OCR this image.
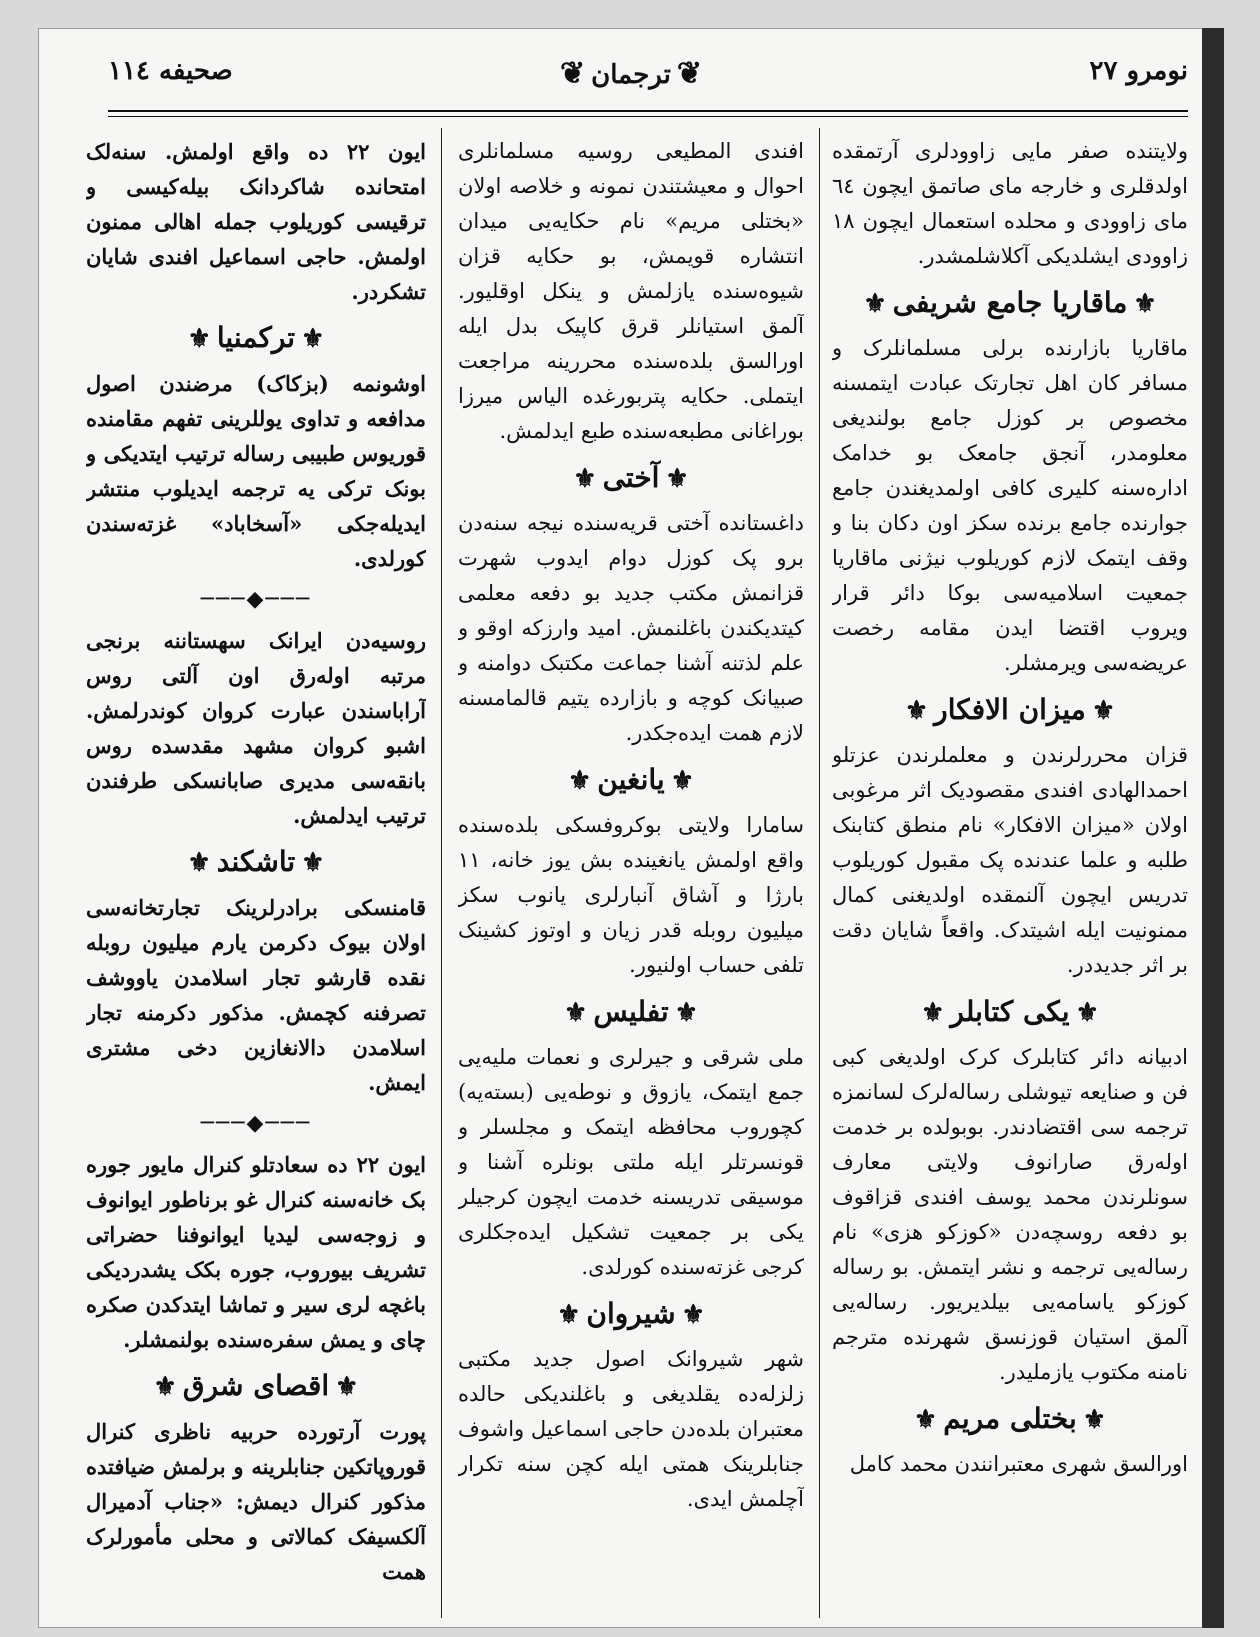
نومرو ٢٧
❦ترجمان❦
صحیفه ١١٤

ولایتنده صفر مایی زاوودلری آرتمقده اولدقلری و خارجه مای صاتمق ایچون ٦٤ مای زاوودی و محلده استعمال ایچون ١٨ زاوودی ایشلدیکی آکلاشلمشدر.

⚜ماقاریا جامع شریفی⚜

ماقاریا بازارنده برلی مسلمانلرک و مسافر کان اهل تجارتک عبادت ایتمسنه مخصوص بر کوزل جامع بولندیغی معلومدر، آنجق جامعک بو خدامک ادارەسنه کلیری کافی اولمدیغندن جامع جوارنده جامع برنده سکز اون دکان بنا و وقف ایتمک لازم کوریلوب نیژنی ماقاریا جمعیت اسلامیەسی بوکا دائر قرار ویروب اقتضا ایدن مقامه رخصت عریضەسی ویرمشلر.

⚜میزان الافکار⚜

قزان محررلرندن و معلملرندن عزتلو احمدالهادی افندی مقصودیک اثر مرغوبی اولان «میزان الافکار» نام منطق کتابنک طلبه و علما عندنده پک مقبول کوریلوب تدریس ایچون آلنمقده اولدیغنی کمال ممنونیت ایله اشیتدک. واقعاً شایان دقت بر اثر جدیددر.

⚜یکی کتابلر⚜

ادبیانه دائر کتابلرک کرک اولدیغی کبی فن و صنایعه تیوشلی رسالەلرک لسانمزه ترجمه سی اقتضادندر. بوبولده بر خدمت اولەرق صارانوف ولایتی معارف سونلرندن محمد یوسف افندی قزاقوف بو دفعه روسچەدن «کوزکو هزی» نام رسالەیی ترجمه و نشر ایتمش. بو رساله کوزکو یاسامەیی بیلدیریور. رسالەیی آلمق استیان قوزنسق شهرنده مترجم نامنه مکتوب یازملیدر.

⚜بختلی مریم⚜

اورالسق شهری معتبرانندن محمد کامل

افندی المطیعی روسیه مسلمانلری احوال و معیشتندن نمونه و خلاصه اولان «بختلی مریم» نام حکایەیی میدان انتشاره قویمش، بو حکایه قزان شیوەسنده یازلمش و ینکل اوقلیور. آلمق استیانلر قرق کاپیک بدل ایله اورالسق بلدەسنده محررینه مراجعت ایتملی. حکایه پتربورغده الیاس میرزا بوراغانی مطبعەسنده طبع ایدلمش.

⚜آختی⚜

داغستانده آختی قریەسنده نیجه سنەدن برو پک کوزل دوام ایدوب شهرت قزانمش مکتب جدید بو دفعه معلمی کیتدیکندن باغلنمش. امید وارزکه اوقو و علم لذتنه آشنا جماعت مکتبک دوامنه و صبیانک کوچه و بازارده یتیم قالمامسنه لازم همت ایدەجکدر.

⚜یانغین⚜

سامارا ولایتی بوکروفسکی بلدەسنده واقع اولمش یانغینده بش یوز خانه، ١١ بارژا و آشاق آنبارلری یانوب سکز میلیون روبله قدر زیان و اوتوز کشینک تلفی حساب اولنیور.

⚜تفلیس⚜

ملی شرقی و جیرلری و نعمات ملیەیی جمع ایتمک، یازوق و نوطەیی (بستەیه) کچوروب محافظه ایتمک و مجلسلر و قونسرتلر ایله ملتی بونلره آشنا و موسیقی تدریسنه خدمت ایچون کرجیلر یکی بر جمعیت تشکیل ایدەجکلری کرجی غزتەسنده کورلدی.

⚜شیروان⚜

شهر شیروانک اصول جدید مکتبی زلزلەده یقلدیغی و باغلندیکی حالده معتبران بلدەدن حاجی اسماعیل واشوف جنابلرینک همتی ایله کچن سنه تکرار آچلمش ایدی.

ایون ٢٢ ده واقع اولمش. سنەلک امتحانده شاکردانک بیلەکیسی و ترقیسی کوریلوب جمله اهالی ممنون اولمش. حاجی اسماعیل افندی شایان تشکردر.

⚜ترکمنیا⚜

اوشونمه (بزکاک) مرضندن اصول مدافعه و تداوی یوللرینی تفهم مقامنده قوریوس طبیبی رساله ترتیب ایتدیکی و بونک ترکی یه ترجمه ایدیلوب منتشر ایدیلەجکی «آسخاباد» غزتەسندن کورلدی.

───◆───

روسیەدن ایرانک سهستاننه برنجی مرتبه اولەرق اون آلتی روس آراباسندن عبارت کروان کوندرلمش. اشبو کروان مشهد مقدسده روس بانقەسی مدیری صابانسکی طرفندن ترتیب ایدلمش.

⚜تاشکند⚜

قامنسکی برادرلرینک تجارتخانەسی اولان بیوک دکرمن یارم میلیون روبله نقده قارشو تجار اسلامدن یاووشف تصرفنه کچمش. مذکور دکرمنه تجار اسلامدن دالانغازین دخی مشتری ایمش.

───◆───

ایون ٢٢ ده سعادتلو کنرال مایور جوره بک خانەسنه کنرال غو برناطور ایوانوف و زوجەسی لیدیا ایوانوفنا حضراتی تشریف بیوروب، جوره بکک یشدردیکی باغچه لری سیر و تماشا ایتدکدن صکره چای و یمش سفرەسنده بولنمشلر.

⚜اقصای شرق⚜

پورت آرتورده حربیه ناظری کنرال قوروپاتکین جنابلرینه و برلمش ضیافتده مذکور کنرال دیمش: «جناب آدمیرال آلکسیفک کمالاتی و محلی مأمورلرک همت
